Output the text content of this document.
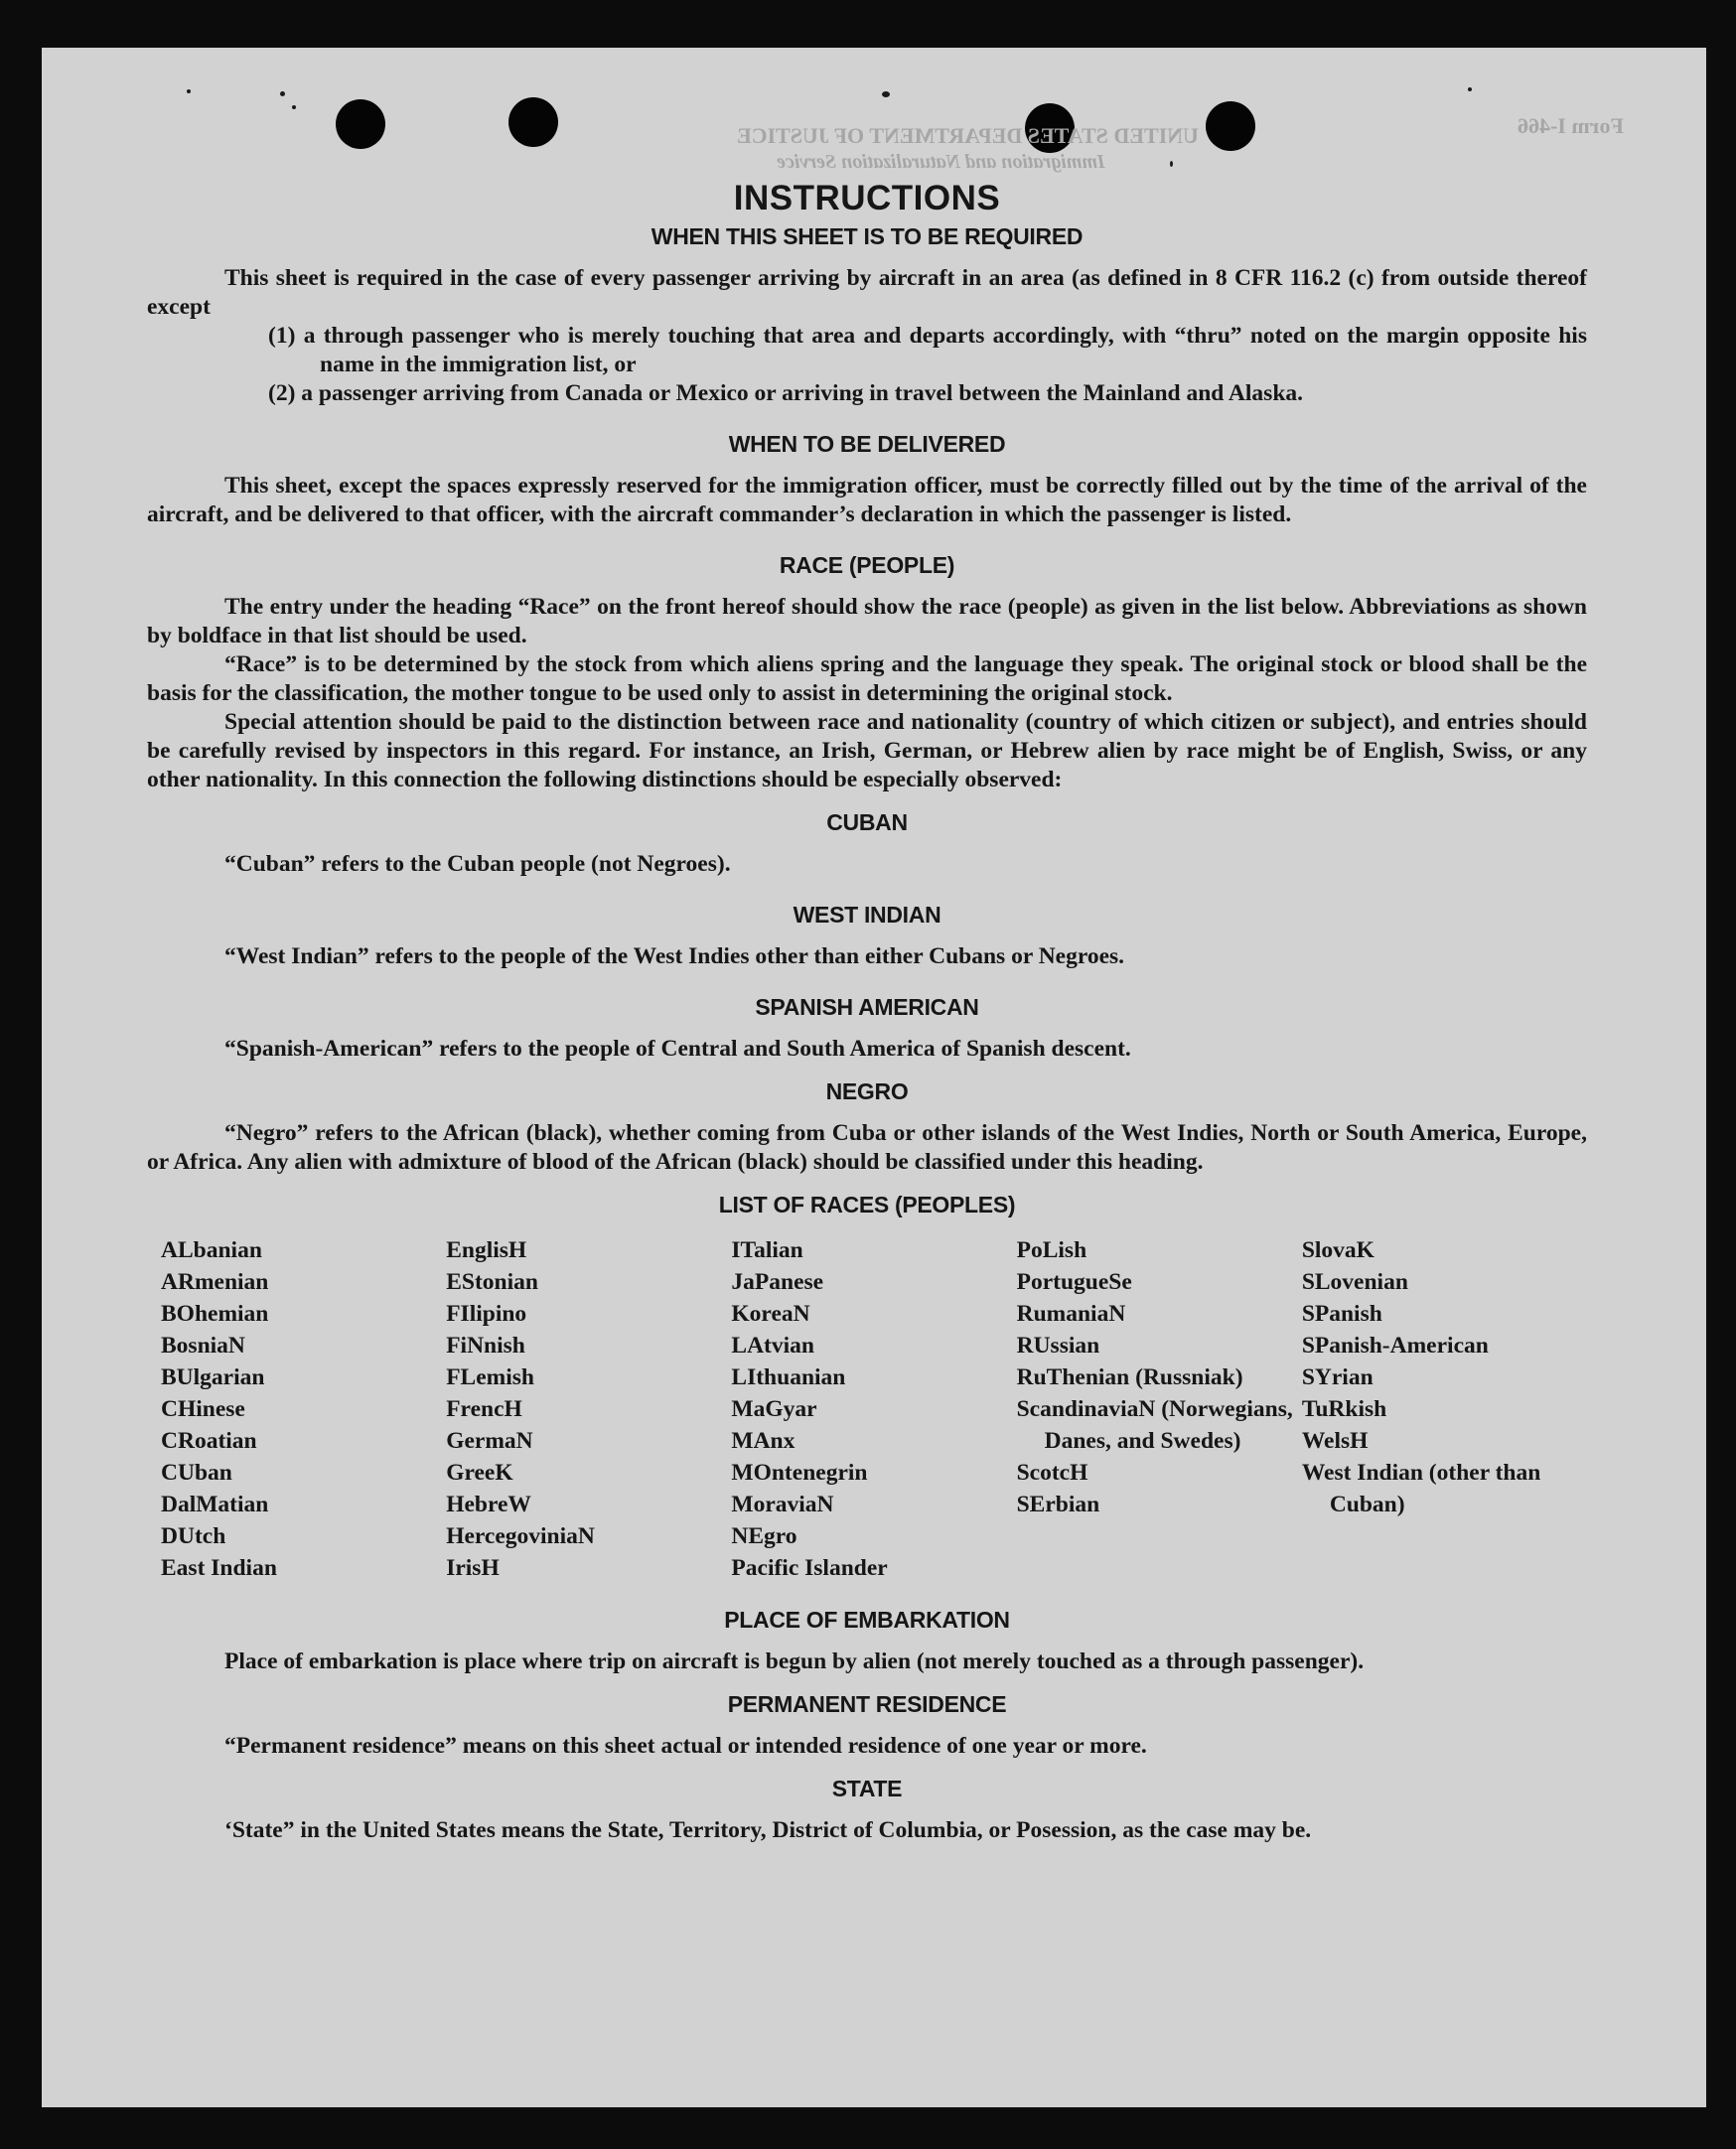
Form I-466
UNITED STATES DEPARTMENT OF JUSTICE
Immigration and Naturalization Service
INSTRUCTIONS
WHEN THIS SHEET IS TO BE REQUIRED

This sheet is required in the case of every passenger arriving by aircraft in an area (as defined in 8 CFR 116.2 (c) from outside thereof except

(1) a through passenger who is merely touching that area and departs accordingly, with “thru” noted on the margin opposite his name in the immigration list, or
(2) a passenger arriving from Canada or Mexico or arriving in travel between the Mainland and Alaska.
WHEN TO BE DELIVERED

This sheet, except the spaces expressly reserved for the immigration officer, must be correctly filled out by the time of the arrival of the aircraft, and be delivered to that officer, with the aircraft commander’s declaration in which the passenger is listed.

RACE (PEOPLE)

The entry under the heading “Race” on the front hereof should show the race (people) as given in the list below. Abbreviations as shown by boldface in that list should be used.

“Race” is to be determined by the stock from which aliens spring and the language they speak. The original stock or blood shall be the basis for the classification, the mother tongue to be used only to assist in determining the original stock.

Special attention should be paid to the distinction between race and nationality (country of which citizen or subject), and entries should be carefully revised by inspectors in this regard. For instance, an Irish, German, or Hebrew alien by race might be of English, Swiss, or any other nationality. In this connection the following distinctions should be especially observed:

CUBAN

“Cuban” refers to the Cuban people (not Negroes).

WEST INDIAN

“West Indian” refers to the people of the West Indies other than either Cubans or Negroes.

SPANISH AMERICAN

“Spanish-American” refers to the people of Central and South America of Spanish descent.

NEGRO

“Negro” refers to the African (black), whether coming from Cuba or other islands of the West Indies, North or South America, Europe, or Africa. Any alien with admixture of blood of the African (black) should be classified under this heading.

LIST OF RACES (PEOPLES)
ALbanian
ARmenian
BOhemian
BosniaN
BUlgarian
CHinese
CRoatian
CUban
DalMatian
DUtch
East Indian
EnglisH
EStonian
FIlipino
FiNnish
FLemish
FrencH
GermaN
GreeK
HebreW
HercegoviniaN
IrisH
ITalian
JaPanese
KoreaN
LAtvian
LIthuanian
MaGyar
MAnx
MOntenegrin
MoraviaN
NEgro
Pacific Islander
PoLish
PortugueSe
RumaniaN
RUssian
RuThenian (Russniak)
ScandinaviaN (Norwegians, Danes, and Swedes)
ScotcH
SErbian
SlovaK
SLovenian
SPanish
SPanish-American
SYrian
TuRkish
WelsH
West Indian (other than Cuban)
PLACE OF EMBARKATION

Place of embarkation is place where trip on aircraft is begun by alien (not merely touched as a through passenger).

PERMANENT RESIDENCE

“Permanent residence” means on this sheet actual or intended residence of one year or more.

STATE

‘State” in the United States means the State, Territory, District of Columbia, or Posession, as the case may be.
